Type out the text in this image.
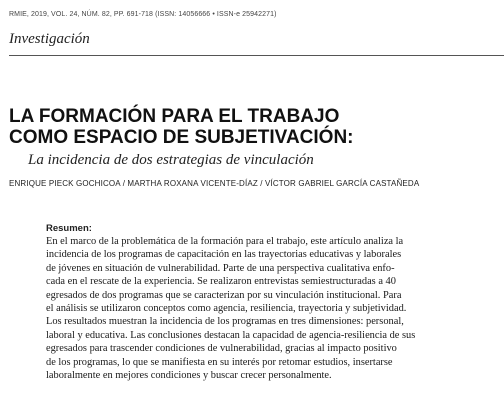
RMIE, 2019, VOL. 24, NÚM. 82, PP. 691-718 (ISSN: 14056666 • ISSN-e 25942271)
Investigación
LA FORMACIÓN PARA EL TRABAJO
COMO ESPACIO DE SUBJETIVACIÓN:
La incidencia de dos estrategias de vinculación
ENRIQUE PIECK GOCHICOA / MARTHA ROXANA VICENTE-DÍAZ / VÍCTOR GABRIEL GARCÍA CASTAÑEDA
Resumen:
En el marco de la problemática de la formación para el trabajo, este artículo analiza la
incidencia de los programas de capacitación en las trayectorias educativas y laborales
de jóvenes en situación de vulnerabilidad. Parte de una perspectiva cualitativa enfo-
cada en el rescate de la experiencia. Se realizaron entrevistas semiestructuradas a 40
egresados de dos programas que se caracterizan por su vinculación institucional. Para
el análisis se utilizaron conceptos como agencia, resiliencia, trayectoria y subjetividad.
Los resultados muestran la incidencia de los programas en tres dimensiones: personal,
laboral y educativa. Las conclusiones destacan la capacidad de agencia-resiliencia de sus
egresados para trascender condiciones de vulnerabilidad, gracias al impacto positivo
de los programas, lo que se manifiesta en su interés por retomar estudios, insertarse
laboralmente en mejores condiciones y buscar crecer personalmente.
